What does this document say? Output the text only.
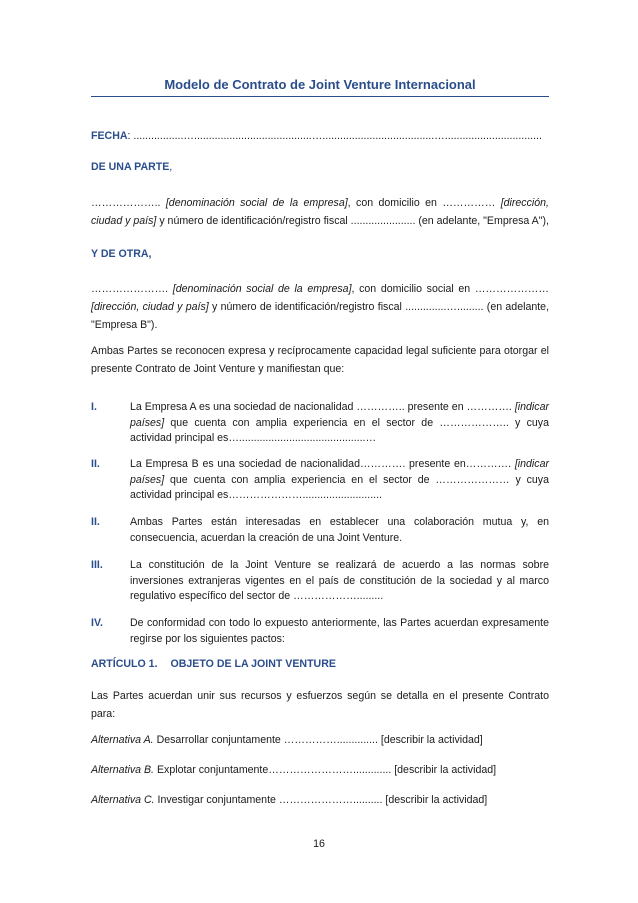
Modelo de Contrato de Joint Venture Internacional
FECHA: .................…........................................…......................................….................................
DE UNA PARTE,
……………….. [denominación social de la empresa], con domicilio en …………… [dirección, ciudad y país] y número de identificación/registro fiscal ...................... (en adelante, "Empresa A"),
Y DE OTRA,
…………………. [denominación social de la empresa], con domicilio social en ………………… [dirección, ciudad y país] y número de identificación/registro fiscal ..............…......... (en adelante, "Empresa B").
Ambas Partes se reconocen expresa y recíprocamente capacidad legal suficiente para otorgar el presente Contrato de Joint Venture y manifiestan que:
I.	La Empresa A es una sociedad de nacionalidad ………….. presente en …………. [indicar países] que cuenta con amplia experiencia en el sector de ……………….. y cuya actividad principal es…...........................................…
II.	La Empresa B es una sociedad de nacionalidad…………. presente en…………. [indicar países] que cuenta con amplia experiencia en el sector de ………………… y cuya actividad principal es…………………...........................
II.	Ambas Partes están interesadas en establecer una colaboración mutua y, en consecuencia, acuerdan la creación de una Joint Venture.
III.	La constitución de la Joint Venture se realizará de acuerdo a las normas sobre inversiones extranjeras vigentes en el país de constitución de la sociedad y al marco regulativo específico del sector de ……………….........
IV.	De conformidad con todo lo expuesto anteriormente, las Partes acuerdan expresamente regirse por los siguientes pactos:
ARTÍCULO 1. OBJETO DE LA JOINT VENTURE
Las Partes acuerdan unir sus recursos y esfuerzos según se detalla en el presente Contrato para:
Alternativa A. Desarrollar conjuntamente …………….............. [describir la actividad]
Alternativa B. Explotar conjuntamente……………………............. [describir la actividad]
Alternativa C. Investigar conjuntamente ………………….......... [describir la actividad]
16
